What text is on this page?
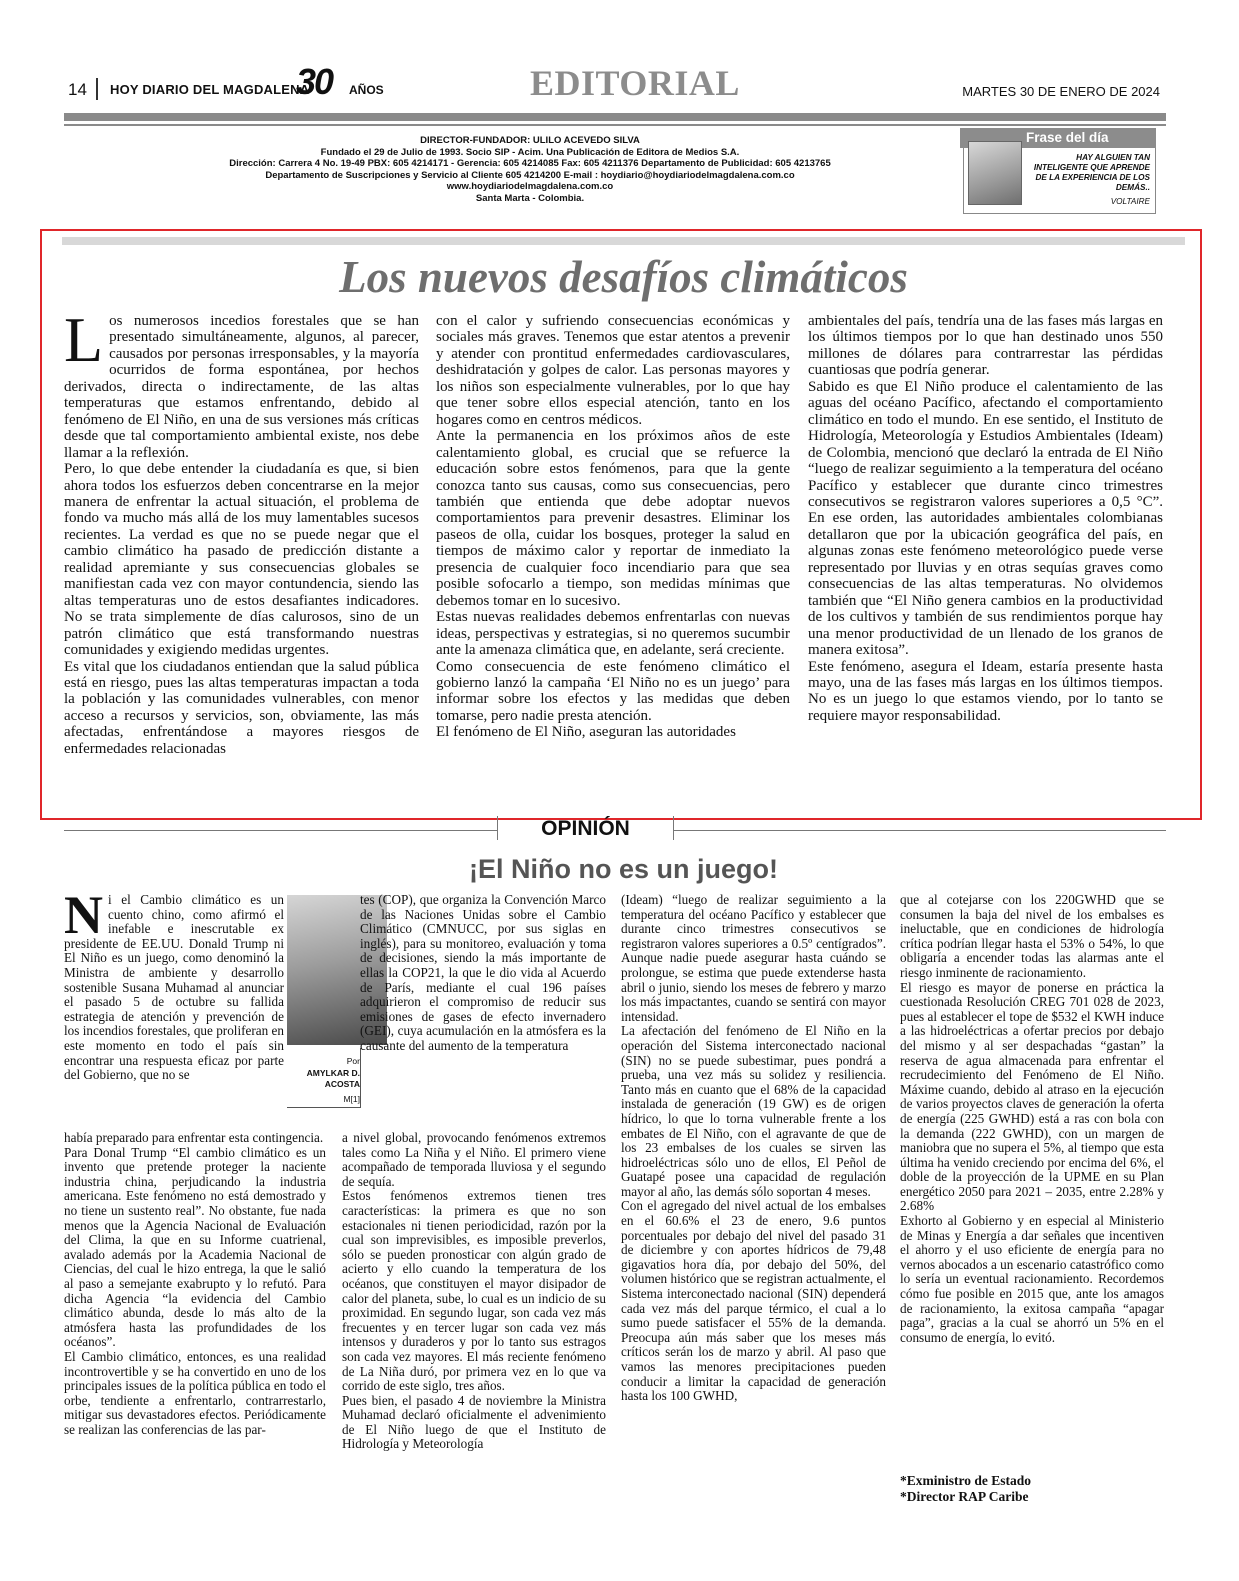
14 HOY DIARIO DEL MAGDALENA
30 AÑOS	EDITORIAL	MARTES 30 DE ENERO DE 2024
DIRECTOR-FUNDADOR: ULILO ACEVEDO SILVA
Fundado el 29 de Julio de 1993. Socio SIP - Acim. Una Publicación de Editora de Medios S.A.
Dirección: Carrera 4 No. 19-49 PBX: 605 4214171 - Gerencia: 605 4214085 Fax: 605 4211376 Departamento de Publicidad: 605 4213765
Departamento de Suscripciones y Servicio al Cliente 605 4214200 E-mail : hoydiario@hoydiariodelmagdalena.com.co
www.hoydiariodelmagdalena.com.co
Santa Marta - Colombia.
Frase del día
HAY ALGUIEN TAN INTELIGENTE QUE APRENDE DE LA EXPERIENCIA DE LOS DEMÁS..
VOLTAIRE
Los nuevos desafíos climáticos
L os numerosos incedios forestales que se han presentado simultáneamente, algunos, al parecer, causados por personas irresponsables, y la mayoría ocurridos de forma espontánea, por hechos derivados, directa o indirectamente, de las altas temperaturas que estamos enfrentando, debido al fenómeno de El Niño, en una de sus versiones más críticas desde que tal comportamiento ambiental existe, nos debe llamar a la reflexión.

Pero, lo que debe entender la ciudadanía es que, si bien ahora todos los esfuerzos deben concentrarse en la mejor manera de enfrentar la actual situación, el problema de fondo va mucho más allá de los muy lamentables sucesos recientes. La verdad es que no se puede negar que el cambio climático ha pasado de predicción distante a realidad apremiante y sus consecuencias globales se manifiestan cada vez con mayor contundencia, siendo las altas temperaturas uno de estos desafiantes indicadores. No se trata simplemente de días calurosos, sino de un patrón climático que está transformando nuestras comunidades y exigiendo medidas urgentes.

Es vital que los ciudadanos entiendan que la salud pública está en riesgo, pues las altas temperaturas impactan a toda la población y las comunidades vulnerables, con menor acceso a recursos y servicios, son, obviamente, las más afectadas, enfrentándose a mayores riesgos de enfermedades relacionadas

con el calor y sufriendo consecuencias económicas y sociales más graves. Tenemos que estar atentos a prevenir y atender con prontitud enfermedades cardiovasculares, deshidratación y golpes de calor. Las personas mayores y los niños son especialmente vulnerables, por lo que hay que tener sobre ellos especial atención, tanto en los hogares como en centros médicos.

Ante la permanencia en los próximos años de este calentamiento global, es crucial que se refuerce la educación sobre estos fenómenos, para que la gente conozca tanto sus causas, como sus consecuencias, pero también que entienda que debe adoptar nuevos comportamientos para prevenir desastres. Eliminar los paseos de olla, cuidar los bosques, proteger la salud en tiempos de máximo calor y reportar de inmediato la presencia de cualquier foco incendiario para que sea posible sofocarlo a tiempo, son medidas mínimas que debemos tomar en lo sucesivo.

Estas nuevas realidades debemos enfrentarlas con nuevas ideas, perspectivas y estrategias, si no queremos sucumbir ante la amenaza climática que, en adelante, será creciente.

Como consecuencia de este fenómeno climático el gobierno lanzó la campaña ‘El Niño no es un juego’ para informar sobre los efectos y las medidas que deben tomarse, pero nadie presta atención.

El fenómeno de El Niño, aseguran las autoridades

ambientales del país, tendría una de las fases más largas en los últimos tiempos por lo que han destinado unos 550 millones de dólares para contrarrestar las pérdidas cuantiosas que podría generar.

Sabido es que El Niño produce el calentamiento de las aguas del océano Pacífico, afectando el comportamiento climático en todo el mundo. En ese sentido, el Instituto de Hidrología, Meteorología y Estudios Ambientales (Ideam) de Colombia, mencionó que declaró la entrada de El Niño “luego de realizar seguimiento a la temperatura del océano Pacífico y establecer que durante cinco trimestres consecutivos se registraron valores superiores a 0,5 °C”. En ese orden, las autoridades ambientales colombianas detallaron que por la ubicación geográfica del país, en algunas zonas este fenómeno meteorológico puede verse representado por lluvias y en otras sequías graves como consecuencias de las altas temperaturas. No olvidemos también que “El Niño genera cambios en la productividad de los cultivos y también de sus rendimientos porque hay una menor productividad de un llenado de los granos de manera exitosa”.

Este fenómeno, asegura el Ideam, estaría presente hasta mayo, una de las fases más largas en los últimos tiempos. No es un juego lo que estamos viendo, por lo tanto se requiere mayor responsabilidad.

OPINIÓN
¡El Niño no es un juego!
N i el Cambio climático es un cuento chino, como afirmó el inefable e inescrutable ex presidente de EE.UU. Donald Trump ni El Niño es un juego, como denominó la Ministra de ambiente y desarrollo sostenible Susana Muhamad al anunciar el pasado 5 de octubre su fallida estrategia de atención y prevención de los incendios forestales, que proliferan en este momento en todo el país sin encontrar una respuesta eficaz por parte del Gobierno, que no se

Por
AMYLKAR D. ACOSTA
M[1]

había preparado para enfrentar esta contingencia.

Para Donal Trump “El cambio climático es un invento que pretende proteger la naciente industria china, perjudicando la industria americana. Este fenómeno no está demostrado y no tiene un sustento real”. No obstante, fue nada menos que la Agencia Nacional de Evaluación del Clima, la que en su Informe cuatrienal, avalado además por la Academia Nacional de Ciencias, del cual le hizo entrega, la que le salió al paso a semejante exabrupto y lo refutó. Para dicha Agencia “la evidencia del Cambio climático abunda, desde lo más alto de la atmósfera hasta las profundidades de los océanos”.

El Cambio climático, entonces, es una realidad incontrovertible y se ha convertido en uno de los principales issues de la política pública en todo el orbe, tendiente a enfrentarlo, contrarrestarlo, mitigar sus devastadores efectos. Periódicamente se realizan las conferencias de las par-

tes (COP), que organiza la Convención Marco de las Naciones Unidas sobre el Cambio Climático (CMNUCC, por sus siglas en inglés), para su monitoreo, evaluación y toma de decisiones, siendo la más importante de ellas la COP21, la que le dio vida al Acuerdo de París, mediante el cual 196 países adquirieron el compromiso de reducir sus emisiones de gases de efecto invernadero (GEI), cuya acumulación en la atmósfera es la causante del aumento de la temperatura

a nivel global, provocando fenómenos extremos tales como La Niña y el Niño. El primero viene acompañado de temporada lluviosa y el segundo de sequía.

Estos fenómenos extremos tienen tres características: la primera es que no son estacionales ni tienen periodicidad, razón por la cual son imprevisibles, es imposible preverlos, sólo se pueden pronosticar con algún grado de acierto y ello cuando la temperatura de los océanos, que constituyen el mayor disipador de calor del planeta, sube, lo cual es un indicio de su proximidad. En segundo lugar, son cada vez más frecuentes y en tercer lugar son cada vez más intensos y duraderos y por lo tanto sus estragos son cada vez mayores. El más reciente fenómeno de La Niña duró, por primera vez en lo que va corrido de este siglo, tres años.

Pues bien, el pasado 4 de noviembre la Ministra Muhamad declaró oficialmente el advenimiento de El Niño luego de que el Instituto de Hidrología y Meteorología

(Ideam) “luego de realizar seguimiento a la temperatura del océano Pacífico y establecer que durante cinco trimestres consecutivos se registraron valores superiores a 0.5º centígrados”. Aunque nadie puede asegurar hasta cuándo se prolongue, se estima que puede extenderse hasta abril o junio, siendo los meses de febrero y marzo los más impactantes, cuando se sentirá con mayor intensidad.

La afectación del fenómeno de El Niño en la operación del Sistema interconectado nacional (SIN) no se puede subestimar, pues pondrá a prueba, una vez más su solidez y resiliencia. Tanto más en cuanto que el 68% de la capacidad instalada de generación (19 GW) es de origen hídrico, lo que lo torna vulnerable frente a los embates de El Niño, con el agravante de que de los 23 embalses de los cuales se sirven las hidroeléctricas sólo uno de ellos, El Peñol de Guatapé posee una capacidad de regulación mayor al año, las demás sólo soportan 4 meses.

Con el agregado del nivel actual de los embalses en el 60.6% el 23 de enero, 9.6 puntos porcentuales por debajo del nivel del pasado 31 de diciembre y con aportes hídricos de 79,48 gigavatios hora día, por debajo del 50%, del volumen histórico que se registran actualmente, el Sistema interconectado nacional (SIN) dependerá cada vez más del parque térmico, el cual a lo sumo puede satisfacer el 55% de la demanda. Preocupa aún más saber que los meses más críticos serán los de marzo y abril. Al paso que vamos las menores precipitaciones pueden conducir a limitar la capacidad de generación hasta los 100 GWHD,

que al cotejarse con los 220GWHD que se consumen la baja del nivel de los embalses es ineluctable, que en condiciones de hidrología crítica podrían llegar hasta el 53% o 54%, lo que obligaría a encender todas las alarmas ante el riesgo inminente de racionamiento.

El riesgo es mayor de ponerse en práctica la cuestionada Resolución CREG 701 028 de 2023, pues al establecer el tope de $532 el KWH induce a las hidroeléctricas a ofertar precios por debajo del mismo y al ser despachadas “gastan” la reserva de agua almacenada para enfrentar el recrudecimiento del Fenómeno de El Niño. Máxime cuando, debido al atraso en la ejecución de varios proyectos claves de generación la oferta de energía (225 GWHD) está a ras con bola con la demanda (222 GWHD), con un margen de maniobra que no supera el 5%, al tiempo que esta última ha venido creciendo por encima del 6%, el doble de la proyección de la UPME en su Plan energético 2050 para 2021 – 2035, entre 2.28% y 2.68%

Exhorto al Gobierno y en especial al Ministerio de Minas y Energía a dar señales que incentiven el ahorro y el uso eficiente de energía para no vernos abocados a un escenario catastrófico como lo sería un eventual racionamiento. Recordemos cómo fue posible en 2015 que, ante los amagos de racionamiento, la exitosa campaña “apagar paga”, gracias a la cual se ahorró un 5% en el consumo de energía, lo evitó.

*Exministro de Estado
*Director RAP Caribe
